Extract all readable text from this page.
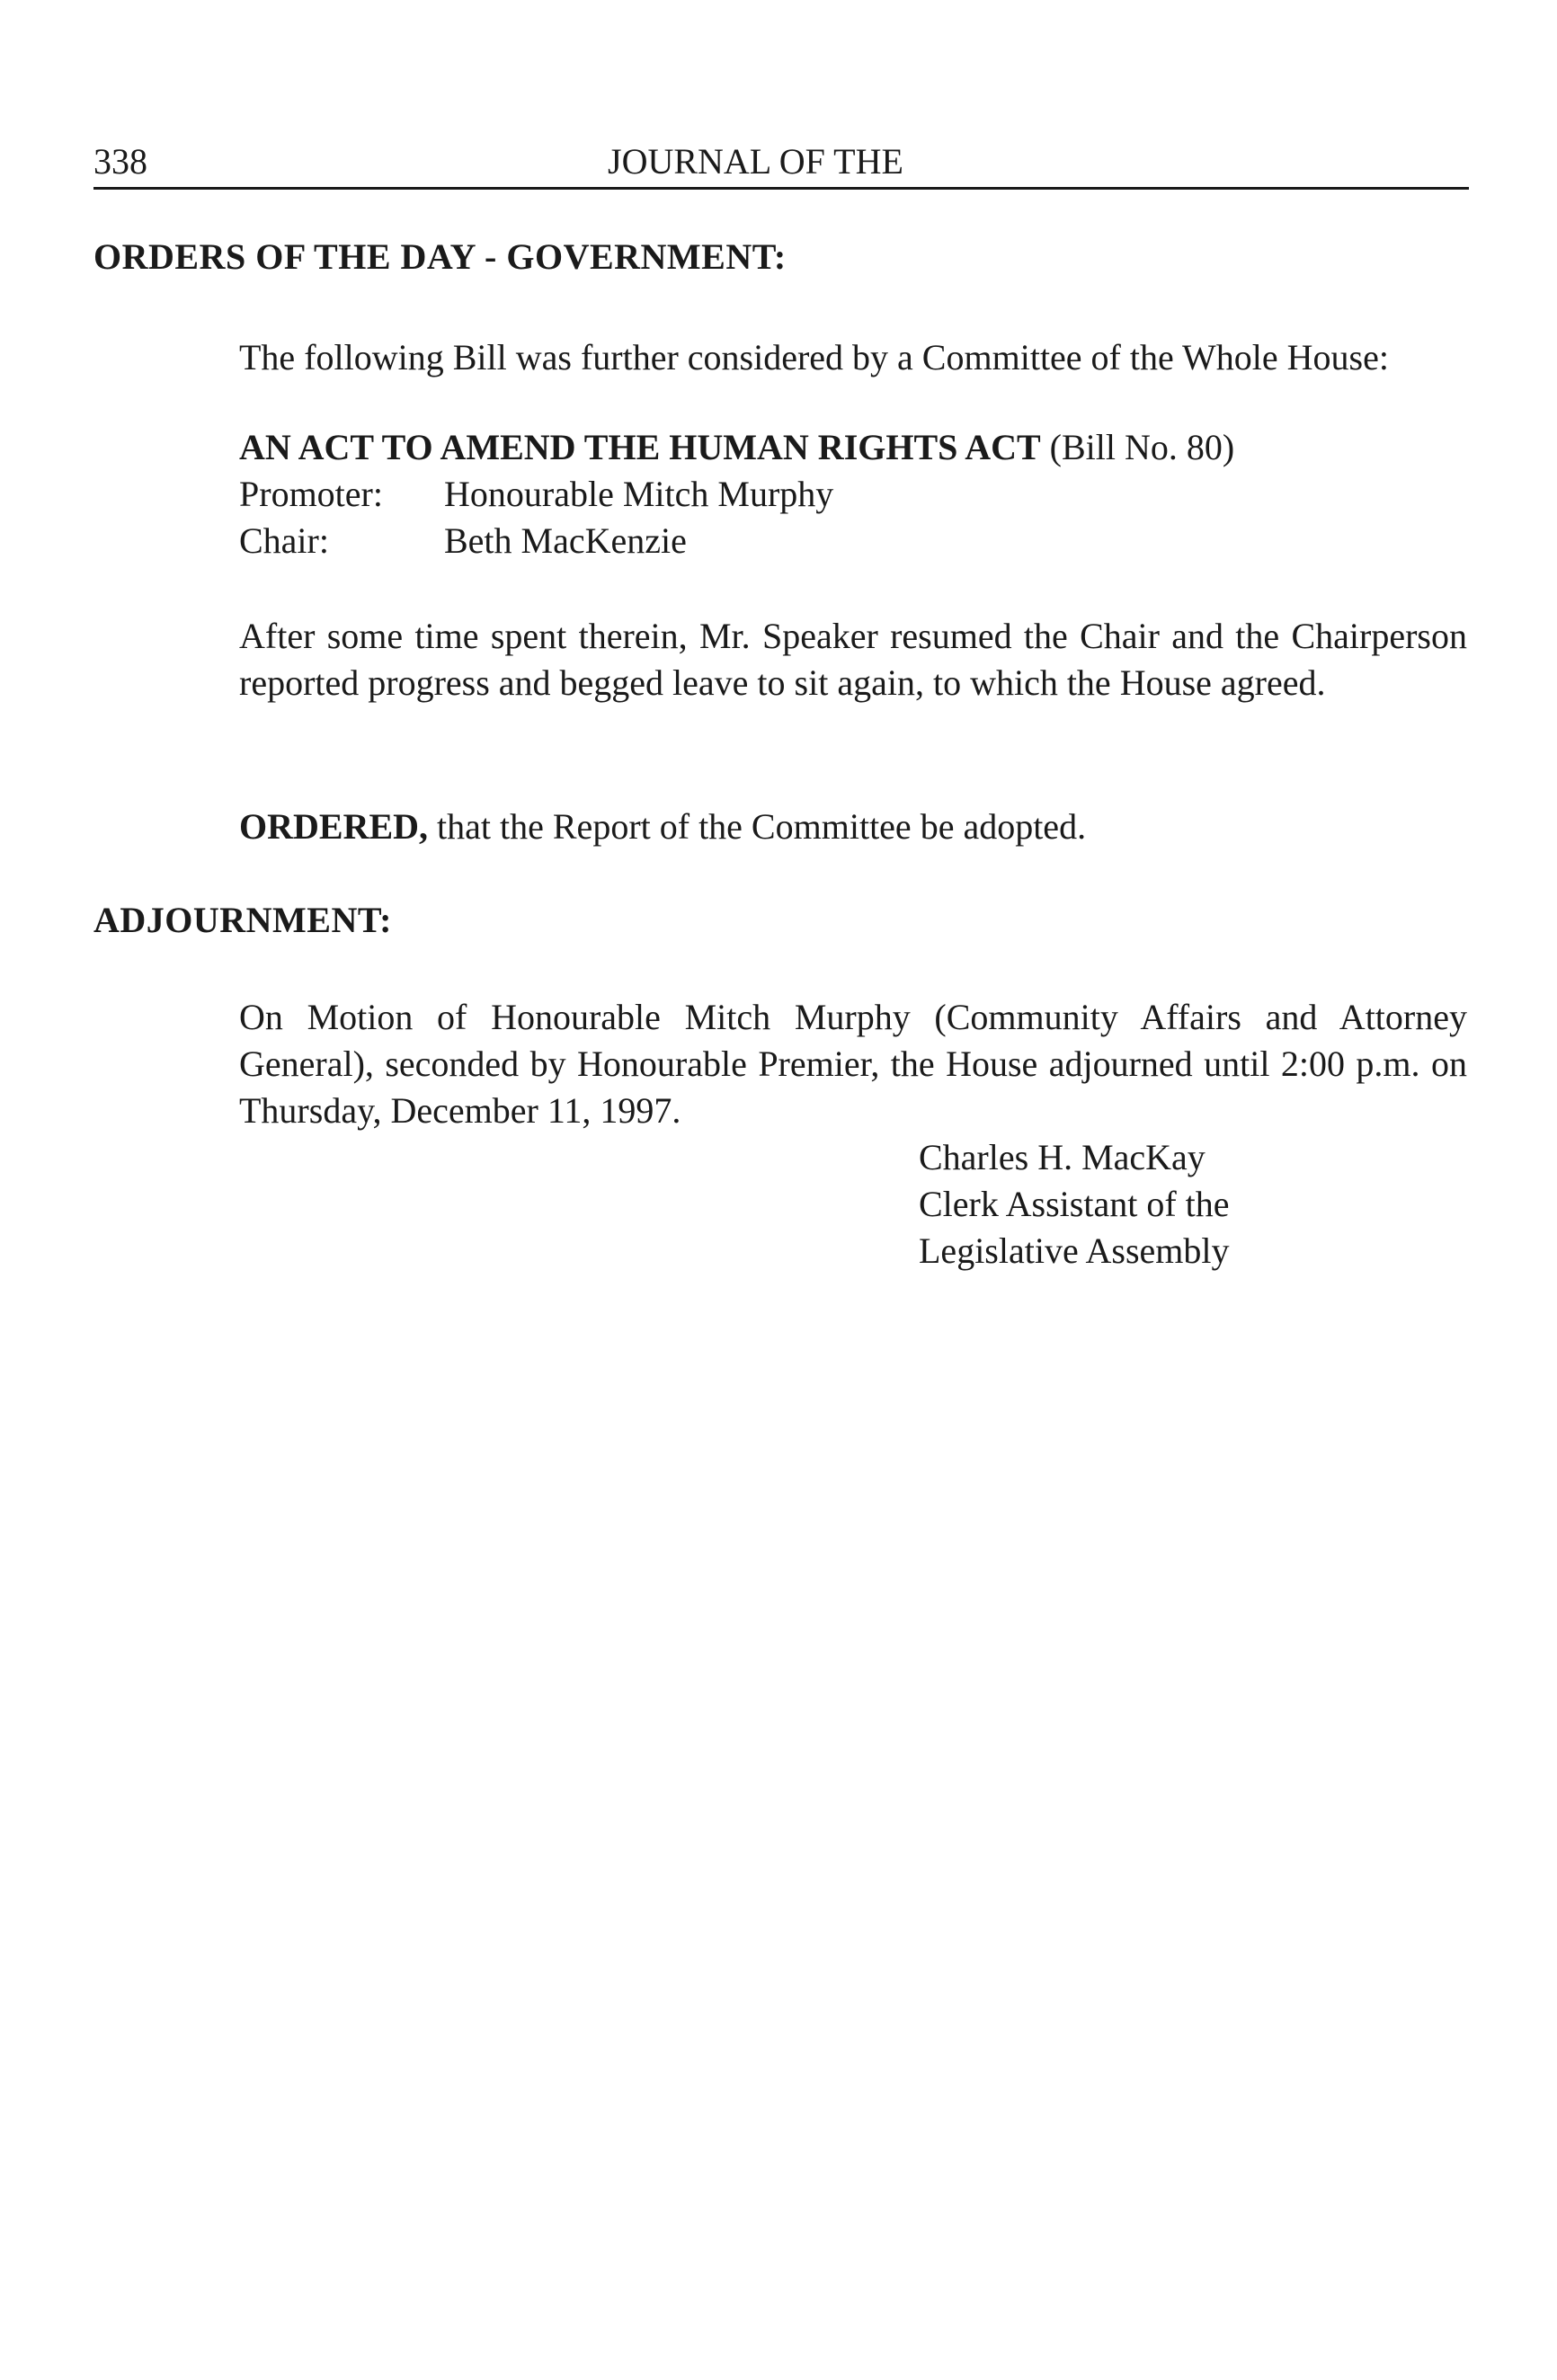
338	JOURNAL OF THE
ORDERS OF THE DAY - GOVERNMENT:
The following Bill was further considered by a Committee of the Whole House:
AN ACT TO AMEND THE HUMAN RIGHTS ACT (Bill No. 80)
Promoter: Honourable Mitch Murphy
Chair:	Beth MacKenzie
After some time spent therein, Mr. Speaker resumed the Chair and the Chairperson reported progress and begged leave to sit again, to which the House agreed.
ORDERED, that the Report of the Committee be adopted.
ADJOURNMENT:
On Motion of Honourable Mitch Murphy (Community Affairs and Attorney General), seconded by Honourable Premier, the House adjourned until 2:00 p.m. on Thursday, December 11, 1997.
Charles H. MacKay
Clerk Assistant of the
Legislative Assembly
